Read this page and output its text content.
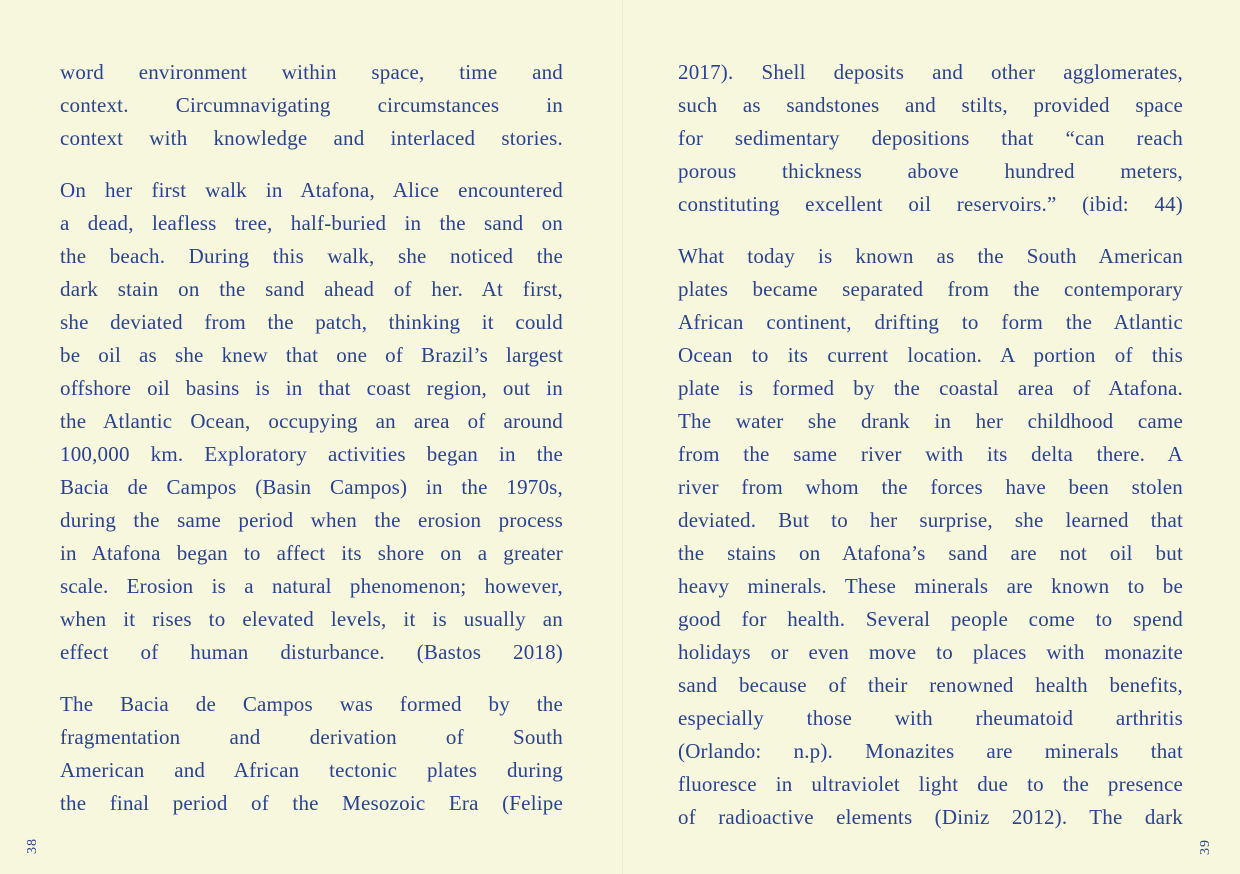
word environment within space, time and
context. Circumnavigating circumstances in
context with knowledge and interlaced stories.
On her first walk in Atafona, Alice encountered
a dead, leafless tree, half-buried in the sand on
the beach. During this walk, she noticed the
dark stain on the sand ahead of her. At first,
she deviated from the patch, thinking it could
be oil as she knew that one of Brazil’s largest
offshore oil basins is in that coast region, out in
the Atlantic Ocean, occupying an area of around
100,000 km. Exploratory activities began in the
Bacia de Campos (Basin Campos) in the 1970s,
during the same period when the erosion process
in Atafona began to affect its shore on a greater
scale. Erosion is a natural phenomenon; however,
when it rises to elevated levels, it is usually an
effect of human disturbance. (Bastos 2018)
The Bacia de Campos was formed by the
fragmentation and derivation of South
American and African tectonic plates during
the final period of the Mesozoic Era (Felipe
2017). Shell deposits and other agglomerates,
such as sandstones and stilts, provided space
for sedimentary depositions that “can reach
porous thickness above hundred meters,
constituting excellent oil reservoirs.” (ibid: 44)
What today is known as the South American
plates became separated from the contemporary
African continent, drifting to form the Atlantic
Ocean to its current location. A portion of this
plate is formed by the coastal area of Atafona.
The water she drank in her childhood came
from the same river with its delta there. A
river from whom the forces have been stolen
deviated. But to her surprise, she learned that
the stains on Atafona’s sand are not oil but
heavy minerals. These minerals are known to be
good for health. Several people come to spend
holidays or even move to places with monazite
sand because of their renowned health benefits,
especially those with rheumatoid arthritis
(Orlando: n.p). Monazites are minerals that
fluoresce in ultraviolet light due to the presence
of radioactive elements (Diniz 2012). The dark
38	39
